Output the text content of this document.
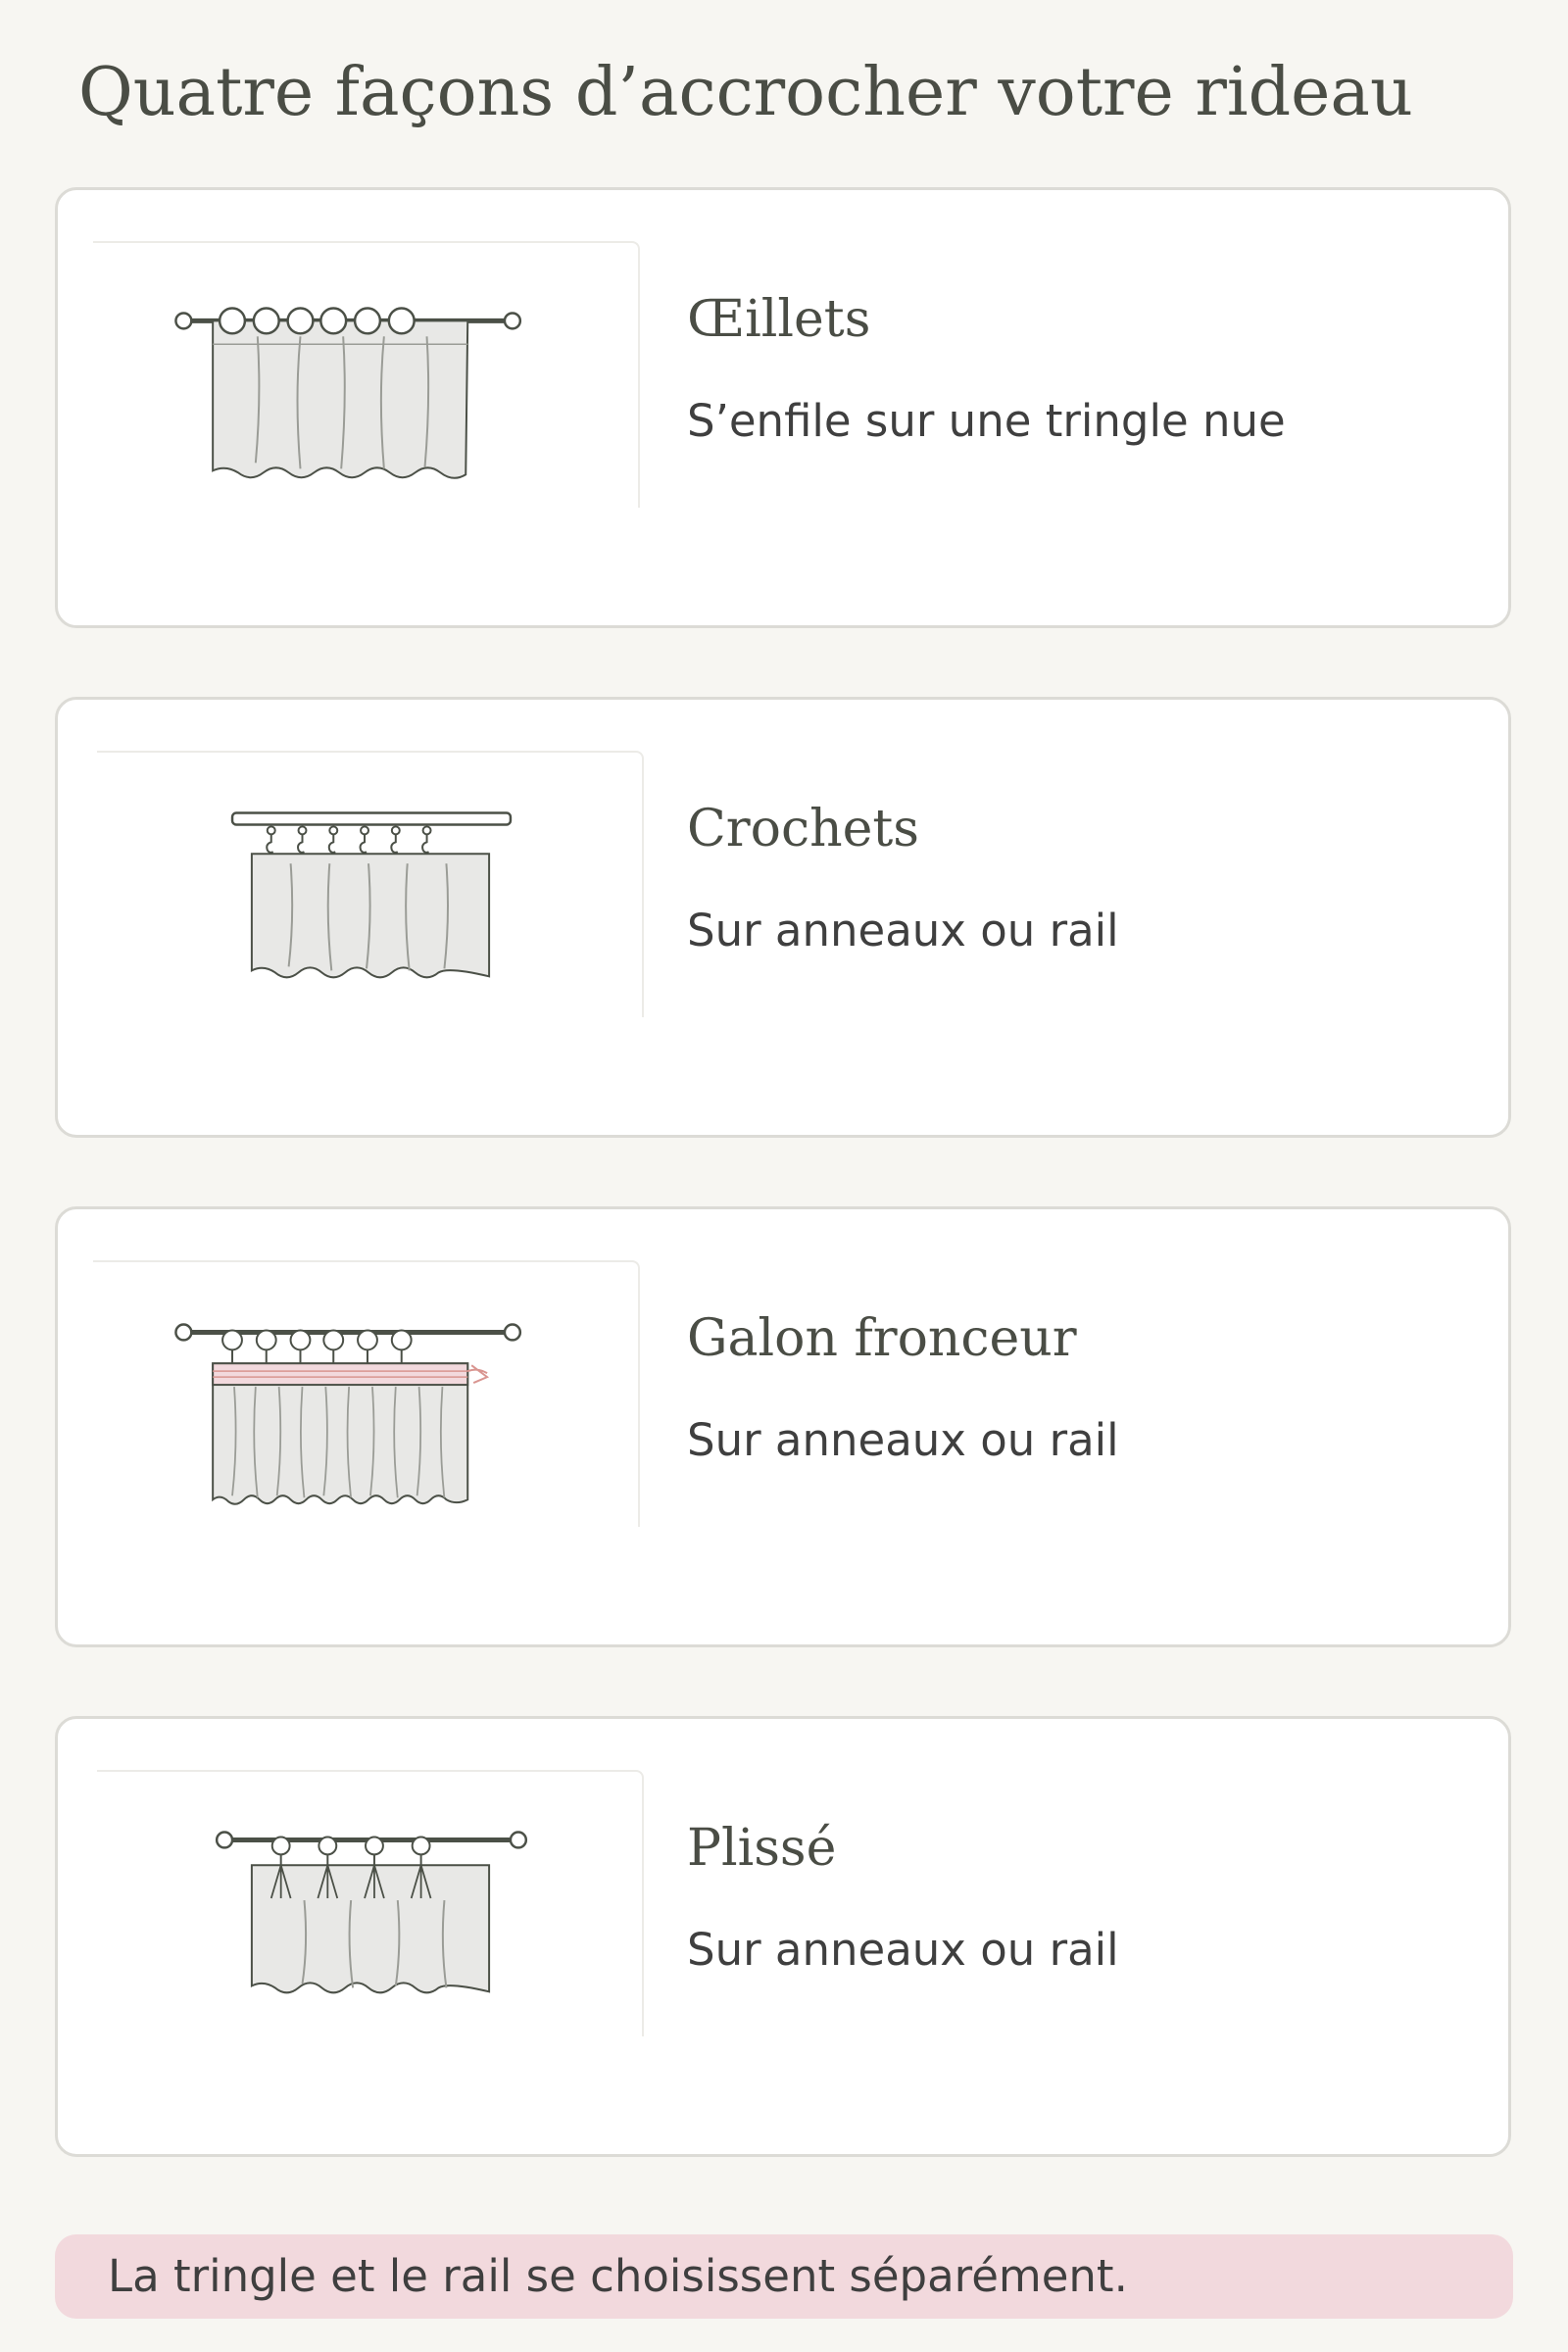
Quatre façons d’accrocher votre rideau
Œillets
S’enfile sur une tringle nue
Crochets
Sur anneaux ou rail
Galon fronceur
Sur anneaux ou rail
Plissé
Sur anneaux ou rail
La tringle et le rail se choisissent séparément.
